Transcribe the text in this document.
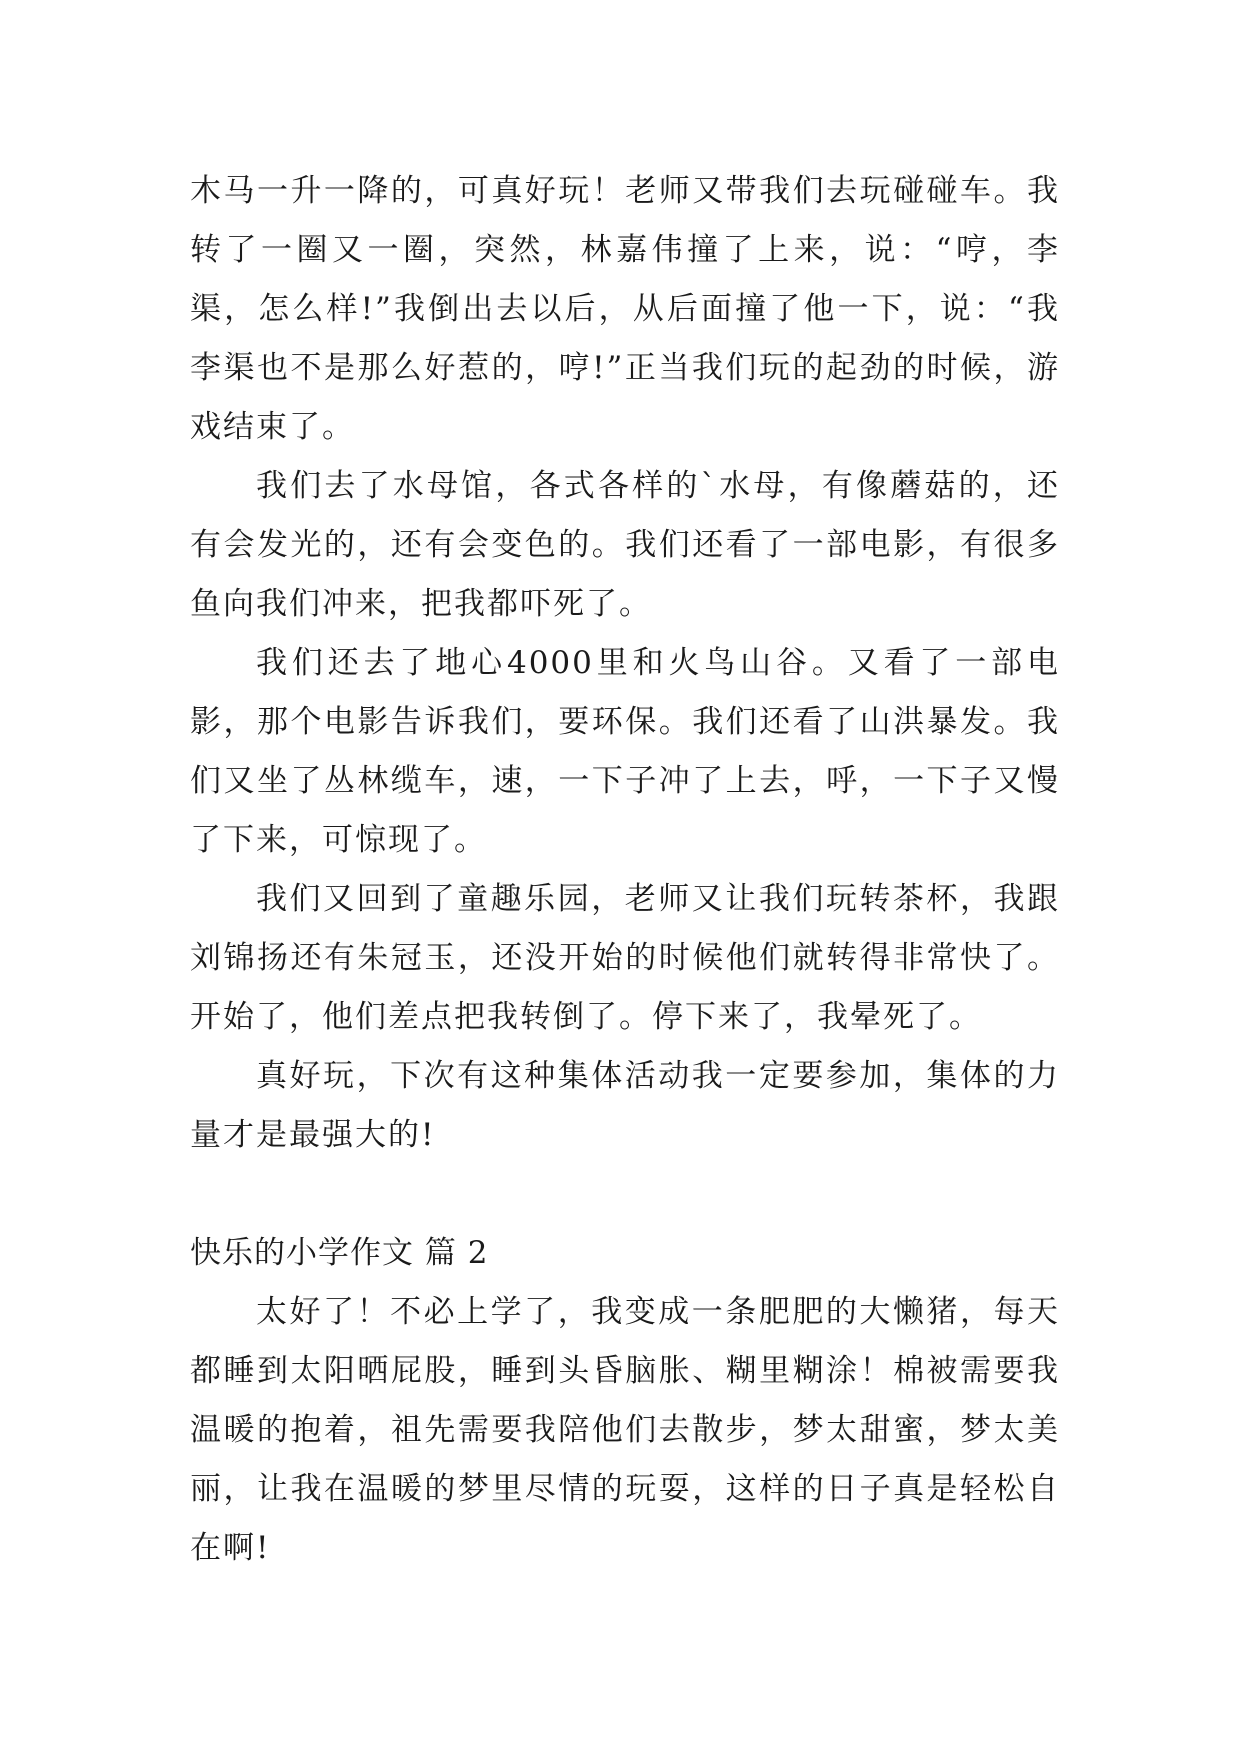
木马一升一降的，可真好玩！老师又带我们去玩碰碰车。我转了一圈又一圈，突然，林嘉伟撞了上来，说：“哼，李渠，怎么样!”我倒出去以后，从后面撞了他一下，说：“我李渠也不是那么好惹的，哼!”正当我们玩的起劲的时候，游戏结束了。

我们去了水母馆，各式各样的`水母，有像蘑菇的，还有会发光的，还有会变色的。我们还看了一部电影，有很多鱼向我们冲来，把我都吓死了。

我们还去了地心4000里和火鸟山谷。又看了一部电影，那个电影告诉我们，要环保。我们还看了山洪暴发。我们又坐了丛林缆车，速，一下子冲了上去，呼，一下子又慢了下来，可惊现了。

我们又回到了童趣乐园，老师又让我们玩转茶杯，我跟刘锦扬还有朱冠玉，还没开始的时候他们就转得非常快了。开始了，他们差点把我转倒了。停下来了，我晕死了。

真好玩，下次有这种集体活动我一定要参加，集体的力量才是最强大的!

快乐的小学作文 篇 2

太好了！不必上学了，我变成一条肥肥的大懒猪，每天都睡到太阳晒屁股，睡到头昏脑胀、糊里糊涂！棉被需要我温暖的抱着，祖先需要我陪他们去散步，梦太甜蜜，梦太美丽，让我在温暖的梦里尽情的玩耍，这样的日子真是轻松自在啊!
